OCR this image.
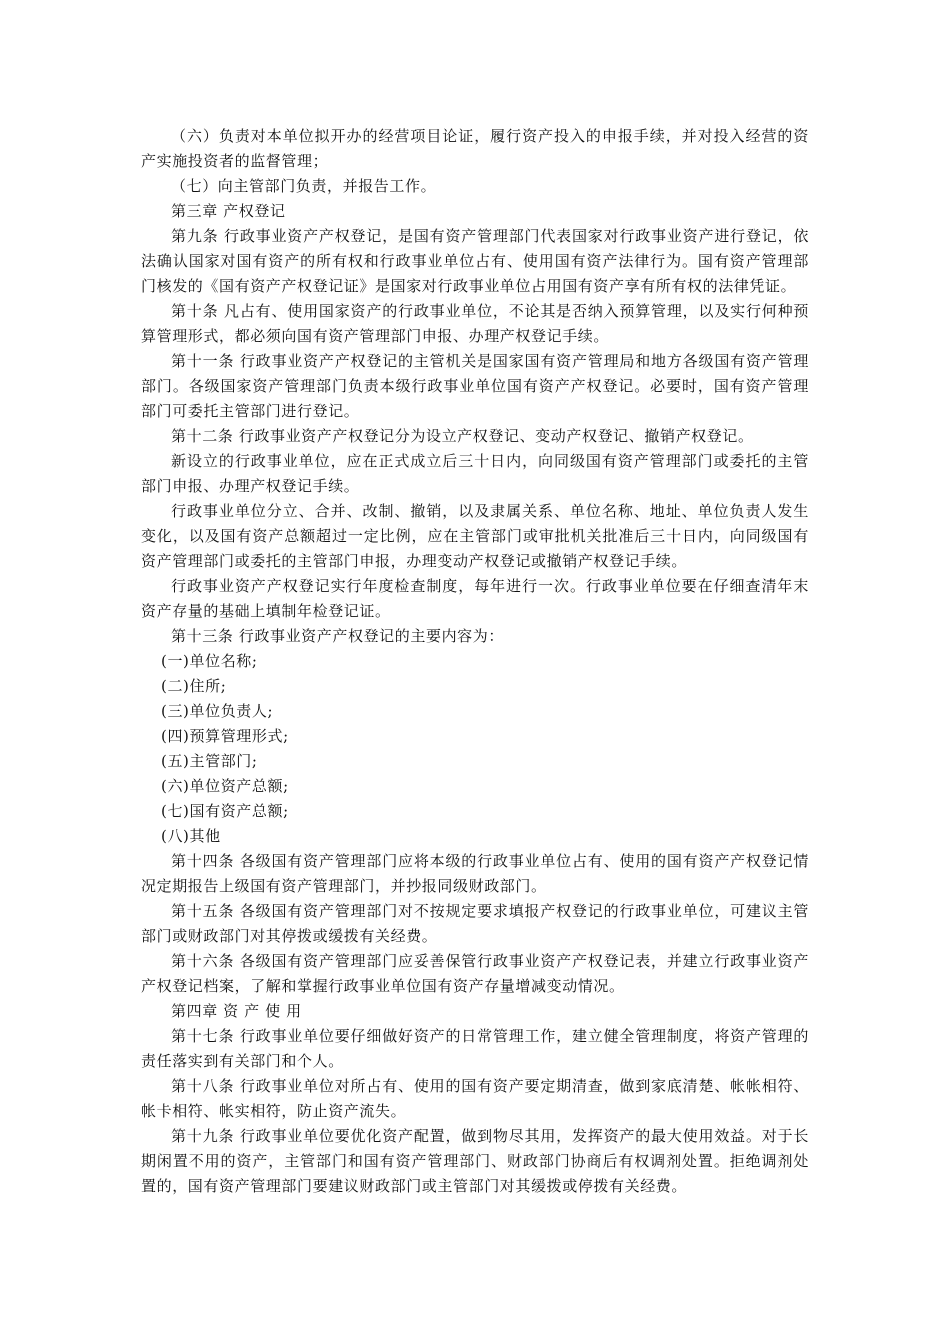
（六）负责对本单位拟开办的经营项目论证，履行资产投入的申报手续，并对投入经营的资产实施投资者的监督管理；

（七）向主管部门负责，并报告工作。

第三章 产权登记

第九条 行政事业资产产权登记，是国有资产管理部门代表国家对行政事业资产进行登记，依法确认国家对国有资产的所有权和行政事业单位占有、使用国有资产法律行为。国有资产管理部门核发的《国有资产产权登记证》是国家对行政事业单位占用国有资产享有所有权的法律凭证。

第十条 凡占有、使用国家资产的行政事业单位，不论其是否纳入预算管理，以及实行何种预算管理形式，都必须向国有资产管理部门申报、办理产权登记手续。

第十一条 行政事业资产产权登记的主管机关是国家国有资产管理局和地方各级国有资产管理部门。各级国家资产管理部门负责本级行政事业单位国有资产产权登记。必要时，国有资产管理部门可委托主管部门进行登记。

第十二条 行政事业资产产权登记分为设立产权登记、变动产权登记、撤销产权登记。

新设立的行政事业单位，应在正式成立后三十日内，向同级国有资产管理部门或委托的主管部门申报、办理产权登记手续。

行政事业单位分立、合并、改制、撤销，以及隶属关系、单位名称、地址、单位负责人发生变化，以及国有资产总额超过一定比例，应在主管部门或审批机关批准后三十日内，向同级国有资产管理部门或委托的主管部门申报，办理变动产权登记或撤销产权登记手续。

行政事业资产产权登记实行年度检查制度，每年进行一次。行政事业单位要在仔细查清年末资产存量的基础上填制年检登记证。

第十三条 行政事业资产产权登记的主要内容为：

(一)单位名称;

(二)住所;

(三)单位负责人;

(四)预算管理形式;

(五)主管部门;

(六)单位资产总额;

(七)国有资产总额;

(八)其他

第十四条 各级国有资产管理部门应将本级的行政事业单位占有、使用的国有资产产权登记情况定期报告上级国有资产管理部门，并抄报同级财政部门。

第十五条 各级国有资产管理部门对不按规定要求填报产权登记的行政事业单位，可建议主管部门或财政部门对其停拨或缓拨有关经费。

第十六条 各级国有资产管理部门应妥善保管行政事业资产产权登记表，并建立行政事业资产产权登记档案，了解和掌握行政事业单位国有资产存量增减变动情况。

第四章 资 产 使 用

第十七条 行政事业单位要仔细做好资产的日常管理工作，建立健全管理制度，将资产管理的责任落实到有关部门和个人。

第十八条 行政事业单位对所占有、使用的国有资产要定期清查，做到家底清楚、帐帐相符、帐卡相符、帐实相符，防止资产流失。

第十九条 行政事业单位要优化资产配置，做到物尽其用，发挥资产的最大使用效益。对于长期闲置不用的资产，主管部门和国有资产管理部门、财政部门协商后有权调剂处置。拒绝调剂处置的，国有资产管理部门要建议财政部门或主管部门对其缓拨或停拨有关经费。
